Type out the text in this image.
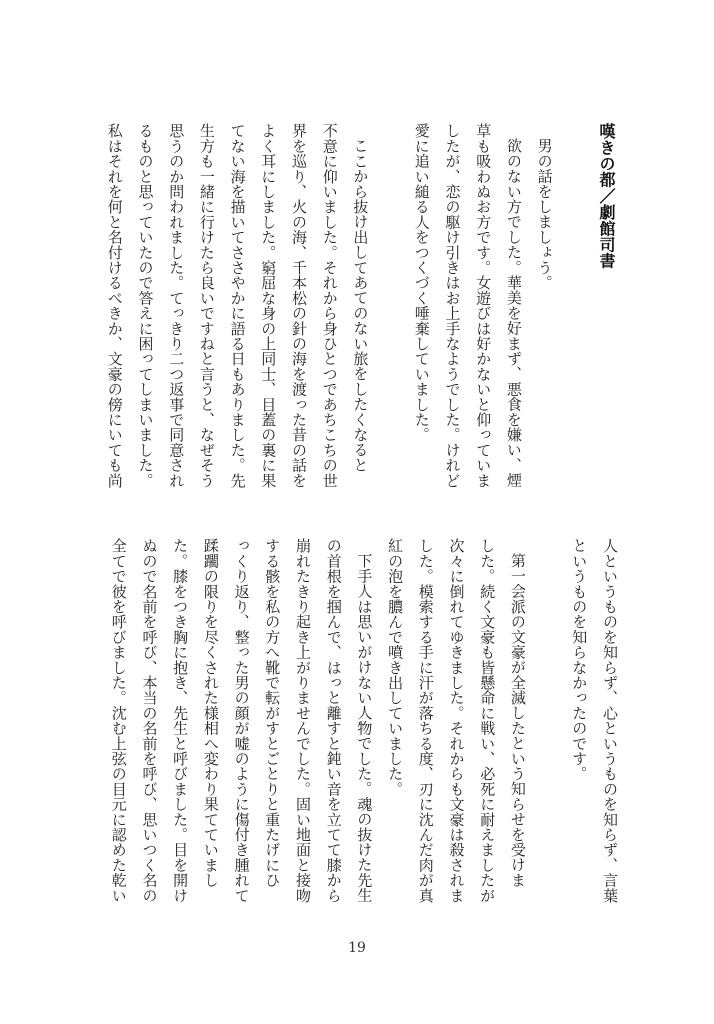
嘆きの都／劇館司書
男の話をしましょう。
欲のない方でした。華美を好まず、悪食を嫌い、煙
草も吸わぬお方です。女遊びは好かないと仰っていま
したが、恋の駆け引きはお上手なようでした。けれど
愛に追い縋る人をつくづく唾棄していました。
ここから抜け出してあてのない旅をしたくなると
不意に仰いました。それから身ひとつであちこちの世
界を巡り、火の海、千本松の針の海を渡った昔の話を
よく耳にしました。窮屈な身の上同士、目蓋の裏に果
てない海を描いてささやかに語る日もありました。先
生方も一緒に行けたら良いですねと言うと、なぜそう
思うのか問われました。てっきり二つ返事で同意され
るものと思っていたので答えに困ってしまいました。
私はそれを何と名付けるべきか、文豪の傍にいても尚
人というものを知らず、心というものを知らず、言葉
というものを知らなかったのです。
第一会派の文豪が全滅したという知らせを受けま
した。続く文豪も皆懸命に戦い、必死に耐えましたが
次々に倒れてゆきました。それからも文豪は殺されま
した。模索する手に汗が落ちる度、刃に沈んだ肉が真
紅の泡を膿んで噴き出していました。
下手人は思いがけない人物でした。魂の抜けた先生
の首根を掴んで、はっと離すと鈍い音を立てて膝から
崩れたきり起き上がりませんでした。固い地面と接吻
する骸を私の方へ靴で転がすとごとりと重たげにひ
っくり返り、整った男の顔が嘘のように傷付き腫れて
蹂躙の限りを尽くされた様相へ変わり果てていまし
た。膝をつき胸に抱き、先生と呼びました。目を開け
ぬので名前を呼び、本当の名前を呼び、思いつく名の
全てで彼を呼びました。沈む上弦の目元に認めた乾い
19
